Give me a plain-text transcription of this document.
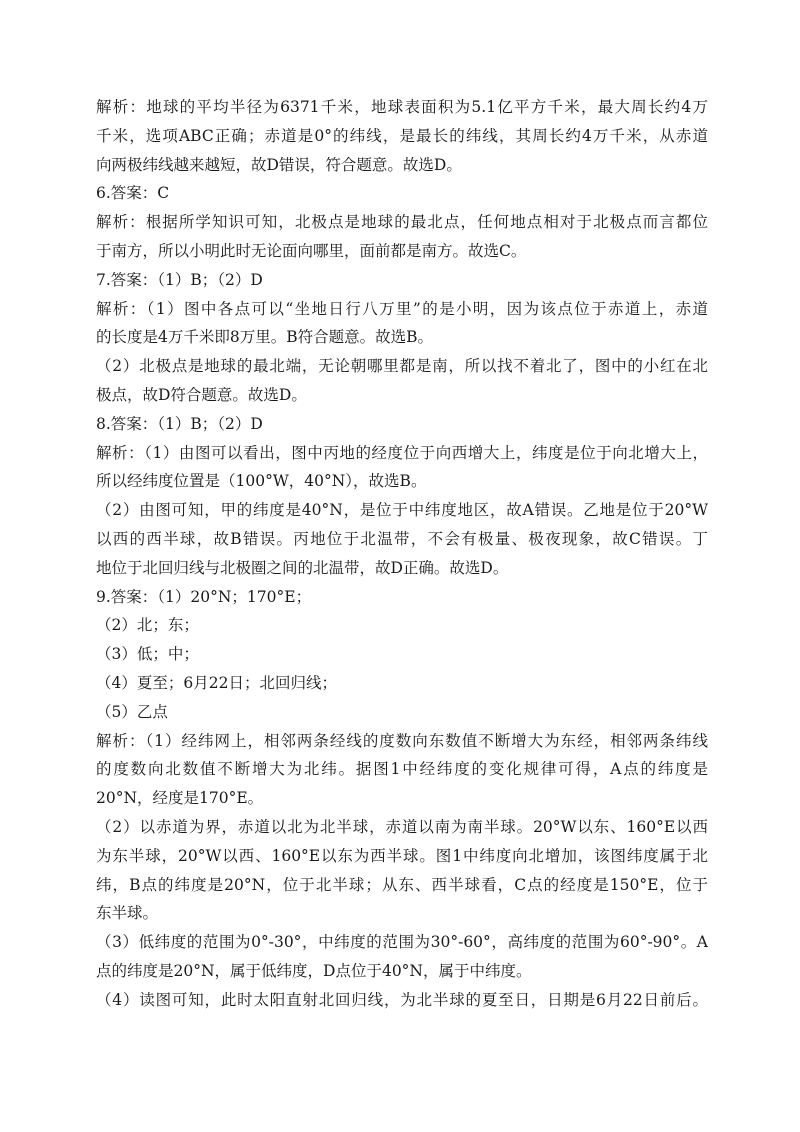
解析：地球的平均半径为6371千米，地球表面积为5.1亿平方千米，最大周长约4万
千米，选项ABC正确；赤道是0°的纬线，是最长的纬线，其周长约4万千米，从赤道
向两极纬线越来越短，故D错误，符合题意。故选D。
6.答案：C
解析：根据所学知识可知，北极点是地球的最北点，任何地点相对于北极点而言都位
于南方，所以小明此时无论面向哪里，面前都是南方。故选C。
7.答案：（1）B；（2）D
解析：（1）图中各点可以“坐地日行八万里”的是小明，因为该点位于赤道上，赤道
的长度是4万千米即8万里。B符合题意。故选B。
（2）北极点是地球的最北端，无论朝哪里都是南，所以找不着北了，图中的小红在北
极点，故D符合题意。故选D。
8.答案：（1）B；（2）D
解析：（1）由图可以看出，图中丙地的经度位于向西增大上，纬度是位于向北增大上，
所以经纬度位置是（100°W，40°N），故选B。
（2）由图可知，甲的纬度是40°N，是位于中纬度地区，故A错误。乙地是位于20°W
以西的西半球，故B错误。丙地位于北温带，不会有极量、极夜现象，故C错误。丁
地位于北回归线与北极圈之间的北温带，故D正确。故选D。
9.答案：（1）20°N；170°E；
（2）北；东；
（3）低；中；
（4）夏至；6月22日；北回归线；
（5）乙点
解析：（1）经纬网上，相邻两条经线的度数向东数值不断增大为东经，相邻两条纬线
的度数向北数值不断增大为北纬。据图1中经纬度的变化规律可得，A点的纬度是
20°N，经度是170°E。
（2）以赤道为界，赤道以北为北半球，赤道以南为南半球。20°W以东、160°E以西
为东半球，20°W以西、160°E以东为西半球。图1中纬度向北增加，该图纬度属于北
纬，B点的纬度是20°N，位于北半球；从东、西半球看，C点的经度是150°E，位于
东半球。
（3）低纬度的范围为0°-30°，中纬度的范围为30°-60°，高纬度的范围为60°-90°。A
点的纬度是20°N，属于低纬度，D点位于40°N，属于中纬度。
（4）读图可知，此时太阳直射北回归线，为北半球的夏至日，日期是6月22日前后。
